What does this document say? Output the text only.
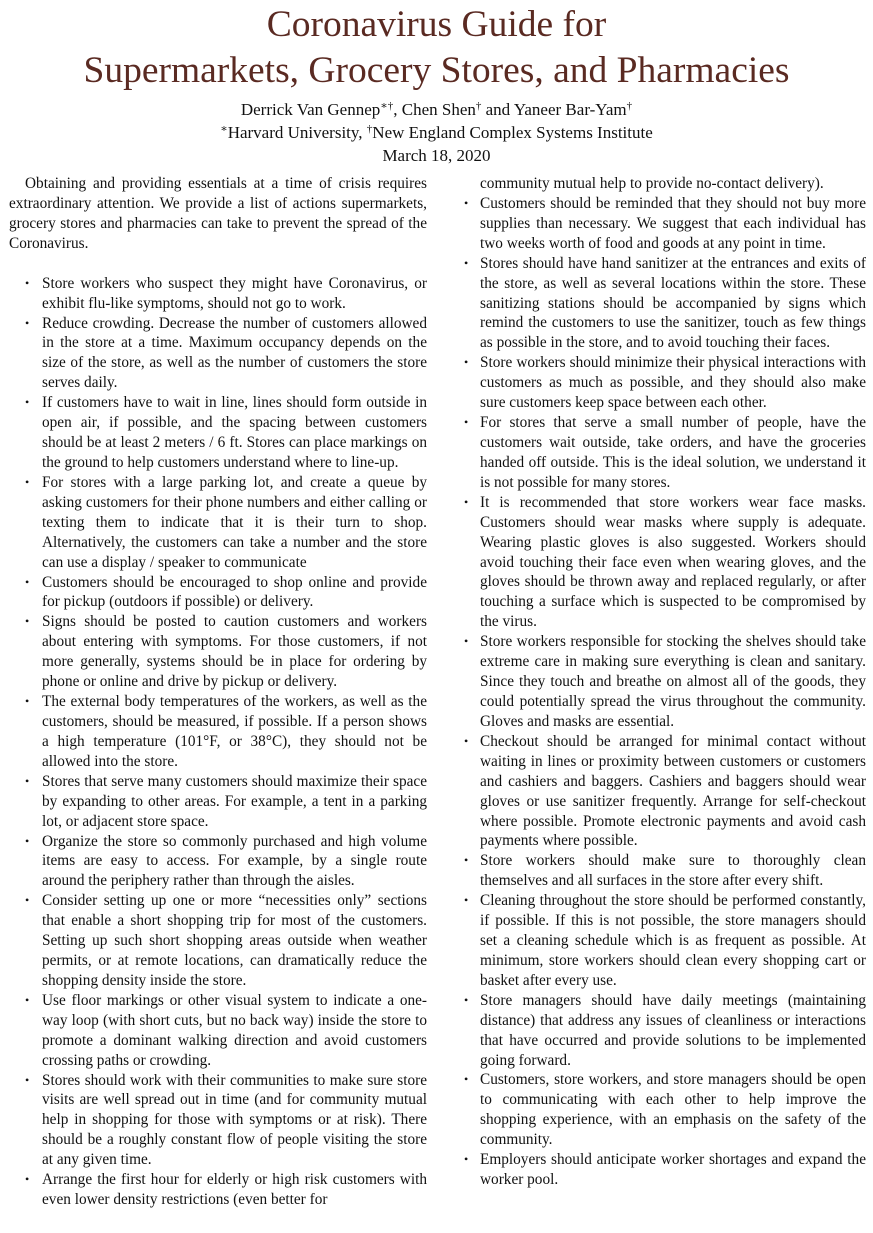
Coronavirus Guide for
Supermarkets, Grocery Stores, and Pharmacies
Derrick Van Gennep∗†, Chen Shen† and Yaneer Bar-Yam†
∗Harvard University, †New England Complex Systems Institute
March 18, 2020

Obtaining and providing essentials at a time of crisis requires extraordinary attention. We provide a list of actions supermarkets, grocery stores and pharmacies can take to prevent the spread of the Coronavirus.

• Store workers who suspect they might have Coronavirus, or exhibit flu-like symptoms, should not go to work.
• Reduce crowding. Decrease the number of customers allowed in the store at a time. Maximum occupancy depends on the size of the store, as well as the number of customers the store serves daily.
• If customers have to wait in line, lines should form outside in open air, if possible, and the spacing between customers should be at least 2 meters / 6 ft. Stores can place markings on the ground to help customers understand where to line-up.
• For stores with a large parking lot, and create a queue by asking customers for their phone numbers and either calling or texting them to indicate that it is their turn to shop. Alternatively, the customers can take a number and the store can use a display / speaker to communicate
• Customers should be encouraged to shop online and provide for pickup (outdoors if possible) or delivery.
• Signs should be posted to caution customers and workers about entering with symptoms. For those customers, if not more generally, systems should be in place for ordering by phone or online and drive by pickup or delivery.
• The external body temperatures of the workers, as well as the customers, should be measured, if possible. If a person shows a high temperature (101°F, or 38°C), they should not be allowed into the store.
• Stores that serve many customers should maximize their space by expanding to other areas. For example, a tent in a parking lot, or adjacent store space.
• Organize the store so commonly purchased and high volume items are easy to access. For example, by a single route around the periphery rather than through the aisles.
• Consider setting up one or more “necessities only” sections that enable a short shopping trip for most of the customers. Setting up such short shopping areas outside when weather permits, or at remote locations, can dramatically reduce the shopping density inside the store.
• Use floor markings or other visual system to indicate a one-way loop (with short cuts, but no back way) inside the store to promote a dominant walking direction and avoid customers crossing paths or crowding.
• Stores should work with their communities to make sure store visits are well spread out in time (and for community mutual help in shopping for those with symptoms or at risk). There should be a roughly constant flow of people visiting the store at any given time.
• Arrange the first hour for elderly or high risk customers with even lower density restrictions (even better for

community mutual help to provide no-contact delivery).

• Customers should be reminded that they should not buy more supplies than necessary. We suggest that each individual has two weeks worth of food and goods at any point in time.
• Stores should have hand sanitizer at the entrances and exits of the store, as well as several locations within the store. These sanitizing stations should be accompanied by signs which remind the customers to use the sanitizer, touch as few things as possible in the store, and to avoid touching their faces.
• Store workers should minimize their physical interactions with customers as much as possible, and they should also make sure customers keep space between each other.
• For stores that serve a small number of people, have the customers wait outside, take orders, and have the groceries handed off outside. This is the ideal solution, we understand it is not possible for many stores.
• It is recommended that store workers wear face masks. Customers should wear masks where supply is adequate. Wearing plastic gloves is also suggested. Workers should avoid touching their face even when wearing gloves, and the gloves should be thrown away and replaced regularly, or after touching a surface which is suspected to be compromised by the virus.
• Store workers responsible for stocking the shelves should take extreme care in making sure everything is clean and sanitary. Since they touch and breathe on almost all of the goods, they could potentially spread the virus throughout the community. Gloves and masks are essential.
• Checkout should be arranged for minimal contact without waiting in lines or proximity between customers or customers and cashiers and baggers. Cashiers and baggers should wear gloves or use sanitizer frequently. Arrange for self-checkout where possible. Promote electronic payments and avoid cash payments where possible.
• Store workers should make sure to thoroughly clean themselves and all surfaces in the store after every shift.
• Cleaning throughout the store should be performed constantly, if possible. If this is not possible, the store managers should set a cleaning schedule which is as frequent as possible. At minimum, store workers should clean every shopping cart or basket after every use.
• Store managers should have daily meetings (maintaining distance) that address any issues of cleanliness or interactions that have occurred and provide solutions to be implemented going forward.
• Customers, store workers, and store managers should be open to communicating with each other to help improve the shopping experience, with an emphasis on the safety of the community.
• Employers should anticipate worker shortages and expand the worker pool.
